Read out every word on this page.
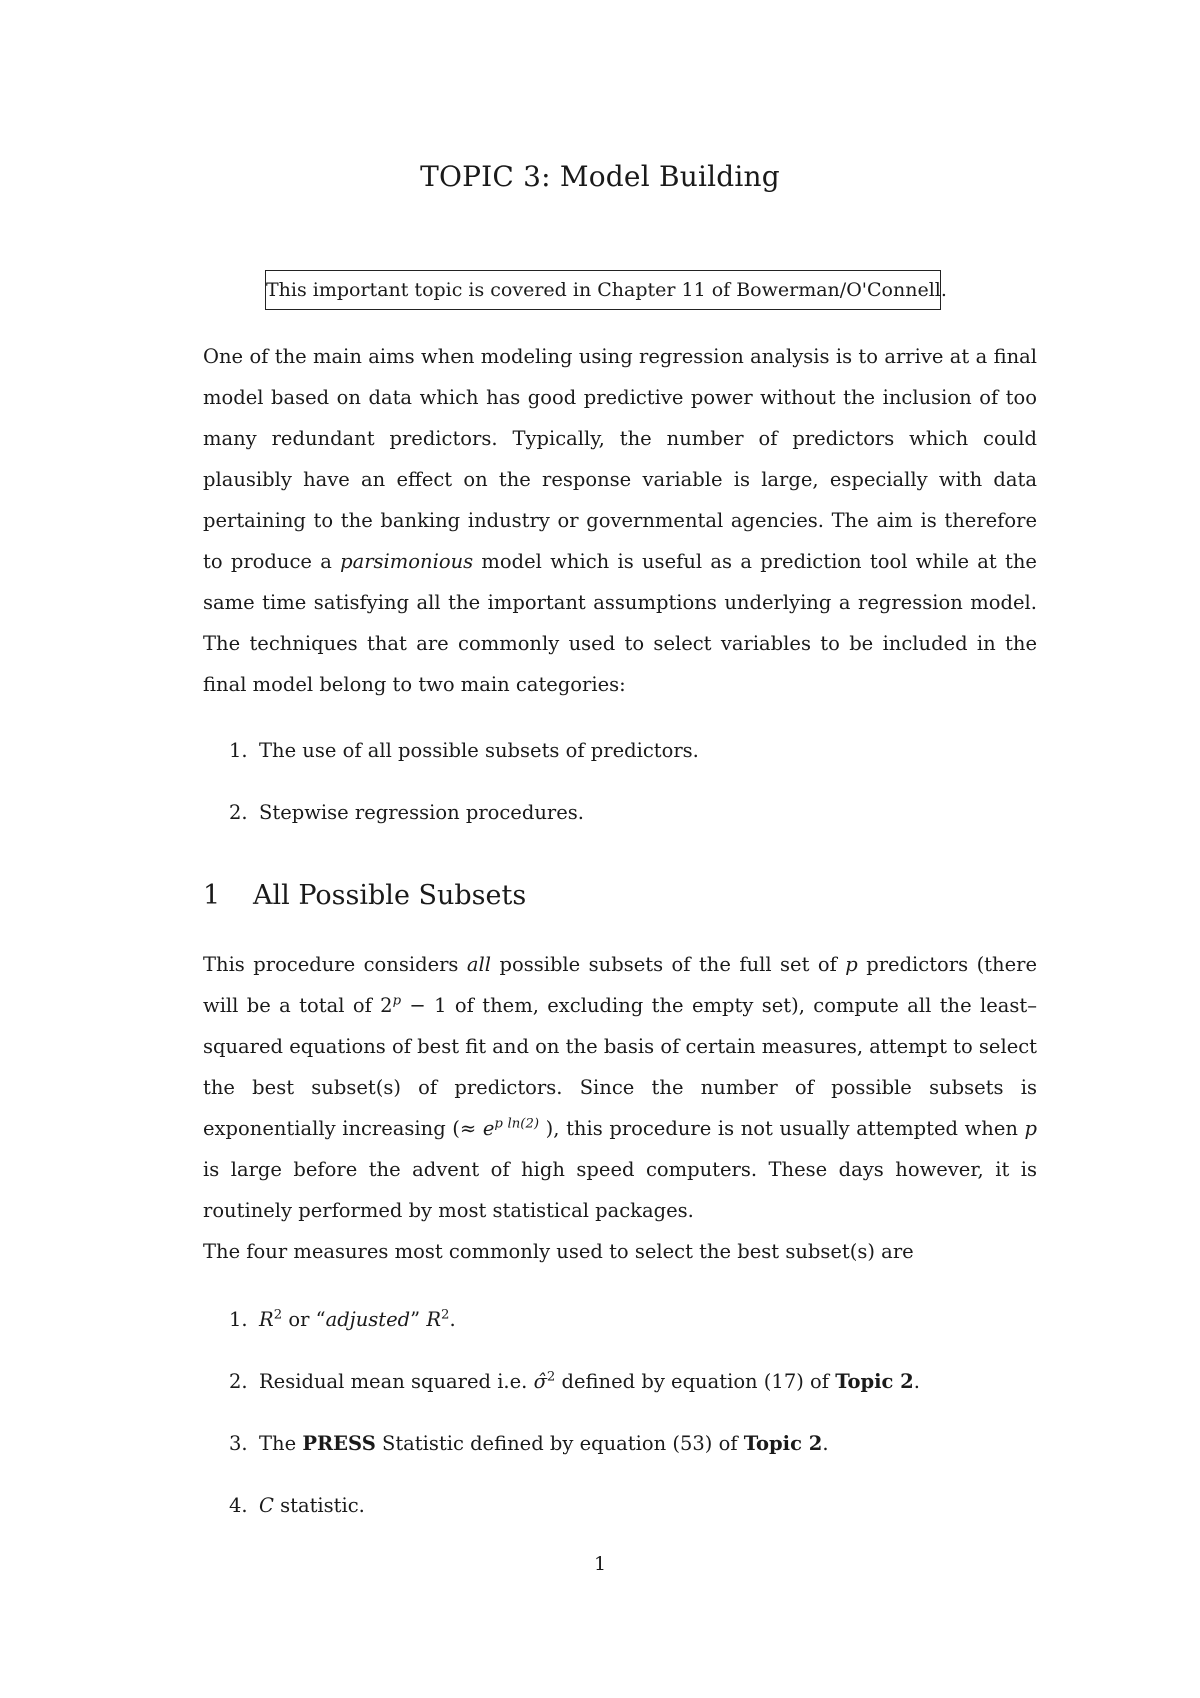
TOPIC 3: Model Building
This important topic is covered in Chapter 11 of Bowerman/O'Connell.

One of the main aims when modeling using regression analysis is to arrive at a final model based on data which has good predictive power without the inclusion of too many redundant predictors. Typically, the number of predictors which could plausibly have an effect on the response variable is large, especially with data pertaining to the banking industry or governmental agencies. The aim is therefore to produce a parsimonious model which is useful as a prediction tool while at the same time satisfying all the important assumptions underlying a regression model. The techniques that are commonly used to select variables to be included in the final model belong to two main categories:

1. The use of all possible subsets of predictors.
2. Stepwise regression procedures.
1 All Possible Subsets

This procedure considers all possible subsets of the full set of p predictors (there will be a total of $2^p - 1$ of them, excluding the empty set), compute all the least–squared equations of best fit and on the basis of certain measures, attempt to select the best subset(s) of predictors. Since the number of possible subsets is exponentially increasing (≈ $e^{p ln(2)}$ ), this procedure is not usually attempted when p is large before the advent of high speed computers. These days however, it is routinely performed by most statistical packages.

The four measures most commonly used to select the best subset(s) are

1. $R^2$ or “adjusted” $R^2$.
2. Residual mean squared i.e. σ̂$^2$ defined by equation (17) of Topic 2.
3. The PRESS Statistic defined by equation (53) of Topic 2.
4. C statistic.
1
